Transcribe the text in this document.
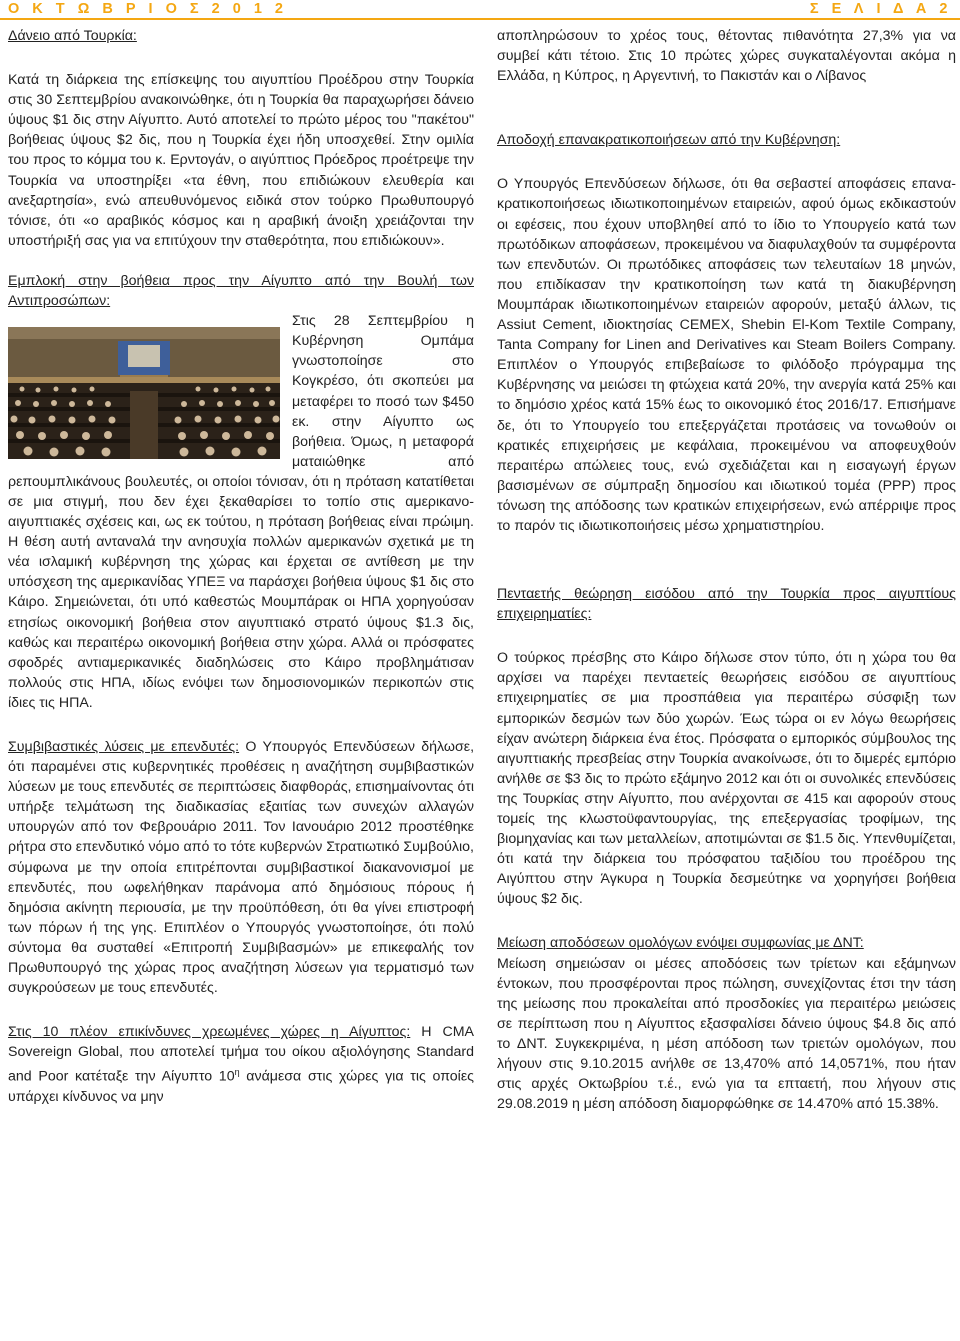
Ο Κ Τ Ω Β Ρ Ι Ο Σ 2 0 1 2	Σ Ε Λ Ι Δ Α 2

Δάνειο από Τουρκία:

Κατά τη διάρκεια της επίσκεψης του αιγυπτίου Προέδρου στην Τουρκία στις 30 Σεπτεμβρίου ανακοινώθηκε, ότι η Τουρκία θα παραχωρήσει δάνειο ύψους $1 δις στην Αίγυπτο. Αυτό αποτελεί το πρώτο μέρος του "πακέτου" βοήθειας ύψους $2 δις, που η Τουρκία έχει ήδη υποσχεθεί. Στην ομιλία του προς το κόμμα του κ. Ερντογάν, ο αιγύπτιος Πρόεδρος προέτρεψε την Τουρκία να υποστηρίξει «τα έθνη, που επιδιώκουν ελευθερία και ανεξαρτησία», ενώ απευθυνόμενος ειδικά στον τούρκο Πρωθυπουργό τόνισε, ότι «ο αραβικός κόσμος και η αραβική άνοιξη χρειάζονται την υποστήριξή σας για να επιτύχουν την σταθερότητα, που επιδιώκουν».

Εμπλοκή στην βοήθεια προς την Αίγυπτο από την Βουλή των Αντιπροσώπων:

Στις 28 Σεπτεμβρίου η Κυβέρνηση Ομπάμα γνωστοποίησε στο Κογκρέσο, ότι σκοπεύει μα μεταφέρει το ποσό των $450 εκ. στην Αίγυπτο ως βοήθεια. Όμως, η μεταφορά ματαιώθηκε από ρεπουμπλικάνους βουλευτές, οι οποίοι τόνισαν, ότι η πρόταση κατατίθεται σε μια στιγμή, που δεν έχει ξεκαθαρίσει το τοπίο στις αμερικανο-αιγυπτιακές σχέσεις και, ως εκ τούτου, η πρόταση βοήθειας είναι πρώιμη. Η θέση αυτή ανταναλά την ανησυχία πολλών αμερικανών σχετικά με τη νέα ισλαμική κυβέρνηση της χώρας και έρχεται σε αντίθεση με την υπόσχεση της αμερικανίδας ΥΠΕΞ να παράσχει βοήθεια ύψους $1 δις στο Κάιρο. Σημειώνεται, ότι υπό καθεστώς Μουμπάρακ οι ΗΠΑ χορηγούσαν ετησίως οικονομική βοήθεια στον αιγυπτιακό στρατό ύψους $1.3 δις, καθώς και περαιτέρω οικονομική βοήθεια στην χώρα. Αλλά οι πρόσφατες σφοδρές αντιαμερικανικές διαδηλώσεις στο Κάιρο προβλημάτισαν πολλούς στις ΗΠΑ, ιδίως ενόψει των δημοσιονομικών περικοπών στις ίδιες τις ΗΠΑ.

Συμβιβαστικές λύσεις με επενδυτές: Ο Υπουργός Επενδύσεων δήλωσε, ότι παραμένει στις κυβερνητικές προθέσεις η αναζήτηση συμβιβαστικών λύσεων με τους επενδυτές σε περιπτώσεις διαφθοράς, επισημαίνοντας ότι υπήρξε τελμάτωση της διαδικασίας εξαιτίας των συνεχών αλλαγών υπουργών από τον Φεβρουάριο 2011. Τον Ιανουάριο 2012 προστέθηκε ρήτρα στο επενδυτικό νόμο από το τότε κυβερνών Στρατιωτικό Συμβούλιο, σύμφωνα με την οποία επιτρέπονται συμβιβαστικοί διακανονισμοί με επενδυτές, που ωφελήθηκαν παράνομα από δημόσιους πόρους ή δημόσια ακίνητη περιουσία, με την προϋπόθεση, ότι θα γίνει επιστροφή των πόρων ή της γης. Επιπλέον ο Υπουργός γνωστοποίησε, ότι πολύ σύντομα θα συσταθεί «Επιτροπή Συμβιβασμών» με επικεφαλής τον Πρωθυπουργό της χώρας προς αναζήτηση λύσεων για τερματισμό των συγκρούσεων με τους επενδυτές.

Στις 10 πλέον επικίνδυνες χρεωμένες χώρες η Αίγυπτος: Η CMA Sovereign Global, που αποτελεί τμήμα του οίκου αξιολόγησης Standard and Poor κατέταξε την Αίγυπτο $10^\eta$ ανάμεσα στις χώρες για τις οποίες υπάρχει κίνδυνος να μην

αποπληρώσουν το χρέος τους, θέτοντας πιθανότητα 27,3% για να συμβεί κάτι τέτοιο. Στις 10 πρώτες χώρες συγκαταλέγονται ακόμα η Ελλάδα, η Κύπρος, η Αργεντινή, το Πακιστάν και ο Λίβανος

Αποδοχή επανακρατικοποιήσεων από την Κυβέρνηση:

Ο Υπουργός Επενδύσεων δήλωσε, ότι θα σεβαστεί αποφάσεις επανα-κρατικοποιήσεως ιδιωτικοποιημένων εταιρειών, αφού όμως εκδικαστούν οι εφέσεις, που έχουν υποβληθεί από το ίδιο το Υπουργείο κατά των πρωτόδικων αποφάσεων, προκειμένου να διαφυλαχθούν τα συμφέροντα των επενδυτών. Οι πρωτόδικες αποφάσεις των τελευταίων 18 μηνών, που επιδίκασαν την κρατικοποίηση των κατά τη διακυβέρνηση Μουμπάρακ ιδιωτικοποιημένων εταιρειών αφορούν, μεταξύ άλλων, τις Assiut Cement, ιδιοκτησίας CEMEX, Shebin El-Kom Textile Company, Tanta Company for Linen and Derivatives και Steam Boilers Company. Επιπλέον ο Υπουργός επιβεβαίωσε το φιλόδοξο πρόγραμμα της Κυβέρνησης να μειώσει τη φτώχεια κατά 20%, την ανεργία κατά 25% και το δημόσιο χρέος κατά 15% έως το οικονομικό έτος 2016/17. Επισήμανε δε, ότι το Υπουργείο του επεξεργάζεται προτάσεις να τονωθούν οι κρατικές επιχειρήσεις με κεφάλαια, προκειμένου να αποφευχθούν περαιτέρω απώλειες τους, ενώ σχεδιάζεται και η εισαγωγή έργων βασισμένων σε σύμπραξη δημοσίου και ιδιωτικού τομέα (PPP) προς τόνωση της απόδοσης των κρατικών επιχειρήσεων, ενώ απέρριψε προς το παρόν τις ιδιωτικοποιήσεις μέσω χρηματιστηρίου.

Πενταετής θεώρηση εισόδου από την Τουρκία προς αιγυπτίους επιχειρηματίες:

Ο τούρκος πρέσβης στο Κάιρο δήλωσε στον τύπο, ότι η χώρα του θα αρχίσει να παρέχει πενταετείς θεωρήσεις εισόδου σε αιγυπτίους επιχειρηματίες σε μια προσπάθεια για περαιτέρω σύσφιξη των εμπορικών δεσμών των δύο χωρών. Έως τώρα οι εν λόγω θεωρήσεις είχαν ανώτερη διάρκεια ένα έτος. Πρόσφατα ο εμπορικός σύμβουλος της αιγυπτιακής πρεσβείας στην Τουρκία ανακοίνωσε, ότι το διμερές εμπόριο ανήλθε σε $3 δις το πρώτο εξάμηνο 2012 και ότι οι συνολικές επενδύσεις της Τουρκίας στην Αίγυπτο, που ανέρχονται σε 415 και αφορούν στους τομείς της κλωστοϋφαντουργίας, της επεξεργασίας τροφίμων, της βιομηχανίας και των μεταλλείων, αποτιμώνται σε $1.5 δις. Υπενθυμίζεται, ότι κατά την διάρκεια του πρόσφατου ταξιδίου του προέδρου της Αιγύπτου στην Άγκυρα η Τουρκία δεσμεύτηκε να χορηγήσει βοήθεια ύψους $2 δις.

Μείωση αποδόσεων ομολόγων ενόψει συμφωνίας με ΔΝΤ:

Μείωση σημειώσαν οι μέσες αποδόσεις των τρίετων και εξάμηνων έντοκων, που προσφέρονται προς πώληση, συνεχίζοντας έτσι την τάση της μείωσης που προκαλείται από προσδοκίες για περαιτέρω μειώσεις σε περίπτωση που η Αίγυπτος εξασφαλίσει δάνειο ύψους $4.8 δις από το ΔΝΤ. Συγκεκριμένα, η μέση απόδοση των τριετών ομολόγων, που λήγουν στις 9.10.2015 ανήλθε σε 13,470% από 14,0571%, που ήταν στις αρχές Οκτωβρίου τ.έ., ενώ για τα επταετή, που λήγουν στις 29.08.2019 η μέση απόδοση διαμορφώθηκε σε 14.470% από 15.38%.
